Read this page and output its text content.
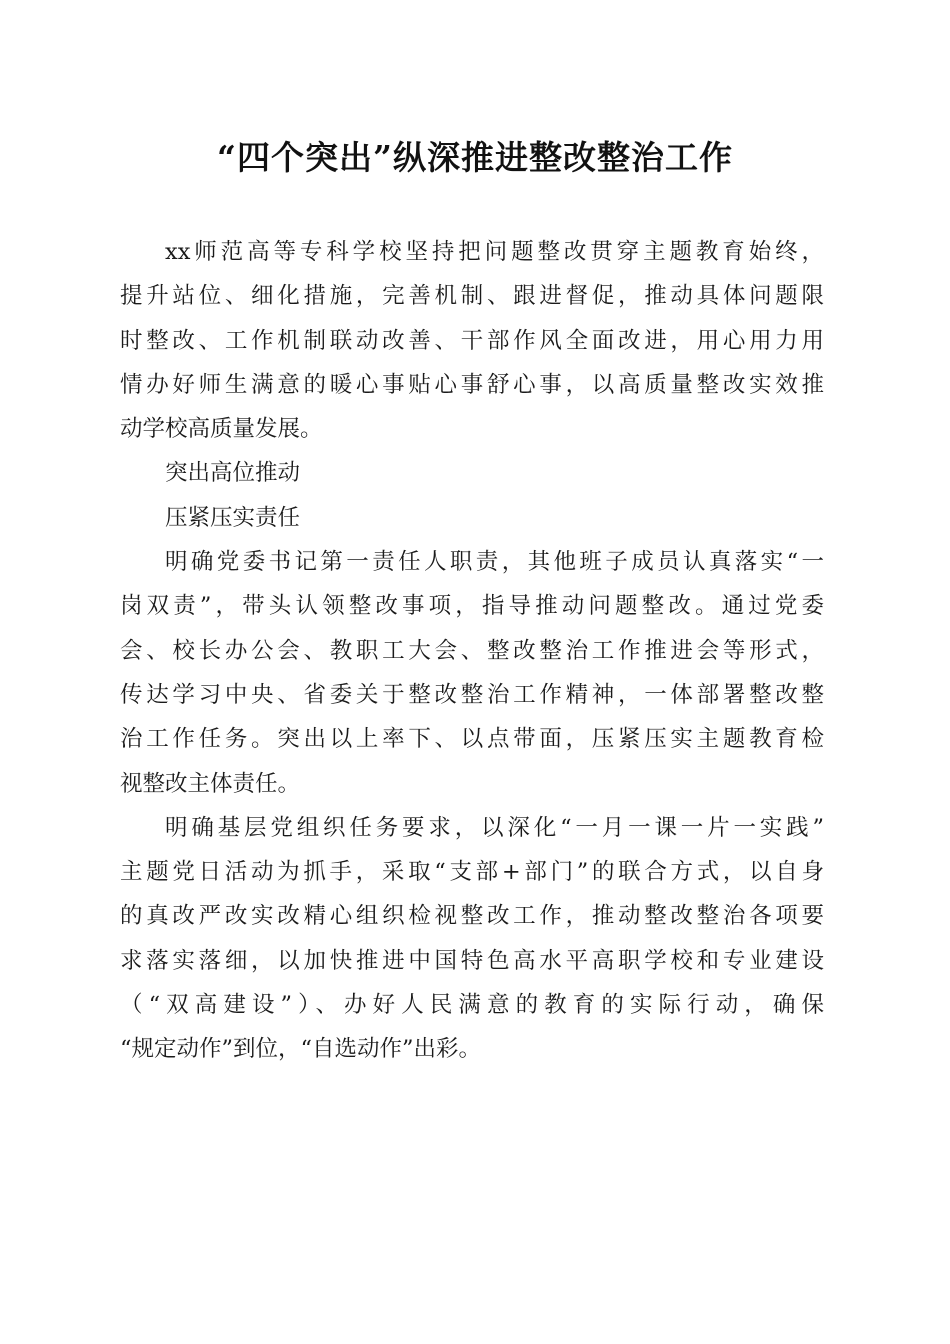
“四个突出”纵深推进整改整治工作
xx师范高等专科学校坚持把问题整改贯穿主题教育始终，
提升站位、细化措施，完善机制、跟进督促，推动具体问题限
时整改、工作机制联动改善、干部作风全面改进，用心用力用
情办好师生满意的暖心事贴心事舒心事，以高质量整改实效推
动学校高质量发展。
突出高位推动
压紧压实责任
明确党委书记第一责任人职责，其他班子成员认真落实“一
岗双责”，带头认领整改事项，指导推动问题整改。通过党委
会、校长办公会、教职工大会、整改整治工作推进会等形式，
传达学习中央、省委关于整改整治工作精神，一体部署整改整
治工作任务。突出以上率下、以点带面，压紧压实主题教育检
视整改主体责任。
明确基层党组织任务要求，以深化“一月一课一片一实践”
主题党日活动为抓手，采取“支部+部门”的联合方式，以自身
的真改严改实改精心组织检视整改工作，推动整改整治各项要
求落实落细，以加快推进中国特色高水平高职学校和专业建设
（“双高建设”）、办好人民满意的教育的实际行动，确保
“规定动作”到位，“自选动作”出彩。
